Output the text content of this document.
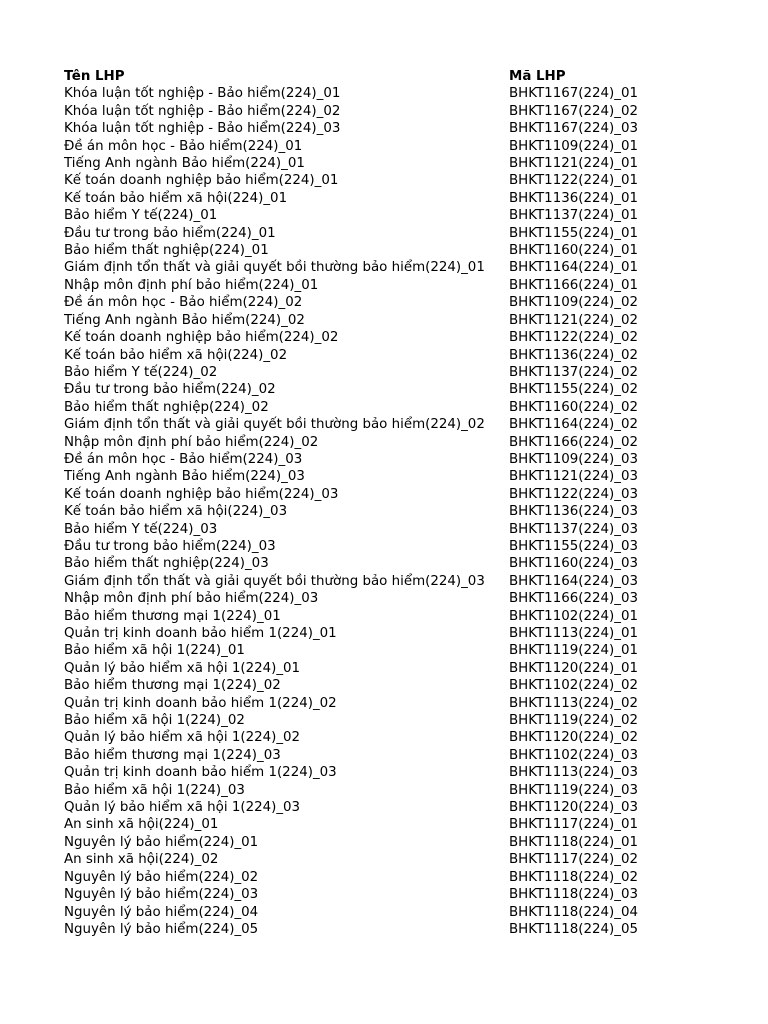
Tên LHP	Mã LHP
Khóa luận tốt nghiệp - Bảo hiểm(224)_01	BHKT1167(224)_01
Khóa luận tốt nghiệp - Bảo hiểm(224)_02	BHKT1167(224)_02
Khóa luận tốt nghiệp - Bảo hiểm(224)_03	BHKT1167(224)_03
Đề án môn học - Bảo hiểm(224)_01	BHKT1109(224)_01
Tiếng Anh ngành Bảo hiểm(224)_01	BHKT1121(224)_01
Kế toán doanh nghiệp bảo hiểm(224)_01	BHKT1122(224)_01
Kế toán bảo hiểm xã hội(224)_01	BHKT1136(224)_01
Bảo hiểm Y tế(224)_01	BHKT1137(224)_01
Đầu tư trong bảo hiểm(224)_01	BHKT1155(224)_01
Bảo hiểm thất nghiệp(224)_01	BHKT1160(224)_01
Giám định tổn thất và giải quyết bồi thường bảo hiểm(224)_01	BHKT1164(224)_01
Nhập môn định phí bảo hiểm(224)_01	BHKT1166(224)_01
Đề án môn học - Bảo hiểm(224)_02	BHKT1109(224)_02
Tiếng Anh ngành Bảo hiểm(224)_02	BHKT1121(224)_02
Kế toán doanh nghiệp bảo hiểm(224)_02	BHKT1122(224)_02
Kế toán bảo hiểm xã hội(224)_02	BHKT1136(224)_02
Bảo hiểm Y tế(224)_02	BHKT1137(224)_02
Đầu tư trong bảo hiểm(224)_02	BHKT1155(224)_02
Bảo hiểm thất nghiệp(224)_02	BHKT1160(224)_02
Giám định tổn thất và giải quyết bồi thường bảo hiểm(224)_02	BHKT1164(224)_02
Nhập môn định phí bảo hiểm(224)_02	BHKT1166(224)_02
Đề án môn học - Bảo hiểm(224)_03	BHKT1109(224)_03
Tiếng Anh ngành Bảo hiểm(224)_03	BHKT1121(224)_03
Kế toán doanh nghiệp bảo hiểm(224)_03	BHKT1122(224)_03
Kế toán bảo hiểm xã hội(224)_03	BHKT1136(224)_03
Bảo hiểm Y tế(224)_03	BHKT1137(224)_03
Đầu tư trong bảo hiểm(224)_03	BHKT1155(224)_03
Bảo hiểm thất nghiệp(224)_03	BHKT1160(224)_03
Giám định tổn thất và giải quyết bồi thường bảo hiểm(224)_03	BHKT1164(224)_03
Nhập môn định phí bảo hiểm(224)_03	BHKT1166(224)_03
Bảo hiểm thương mại 1(224)_01	BHKT1102(224)_01
Quản trị kinh doanh bảo hiểm 1(224)_01	BHKT1113(224)_01
Bảo hiểm xã hội 1(224)_01	BHKT1119(224)_01
Quản lý bảo hiểm xã hội 1(224)_01	BHKT1120(224)_01
Bảo hiểm thương mại 1(224)_02	BHKT1102(224)_02
Quản trị kinh doanh bảo hiểm 1(224)_02	BHKT1113(224)_02
Bảo hiểm xã hội 1(224)_02	BHKT1119(224)_02
Quản lý bảo hiểm xã hội 1(224)_02	BHKT1120(224)_02
Bảo hiểm thương mại 1(224)_03	BHKT1102(224)_03
Quản trị kinh doanh bảo hiểm 1(224)_03	BHKT1113(224)_03
Bảo hiểm xã hội 1(224)_03	BHKT1119(224)_03
Quản lý bảo hiểm xã hội 1(224)_03	BHKT1120(224)_03
An sinh xã hội(224)_01	BHKT1117(224)_01
Nguyên lý bảo hiểm(224)_01	BHKT1118(224)_01
An sinh xã hội(224)_02	BHKT1117(224)_02
Nguyên lý bảo hiểm(224)_02	BHKT1118(224)_02
Nguyên lý bảo hiểm(224)_03	BHKT1118(224)_03
Nguyên lý bảo hiểm(224)_04	BHKT1118(224)_04
Nguyên lý bảo hiểm(224)_05	BHKT1118(224)_05
